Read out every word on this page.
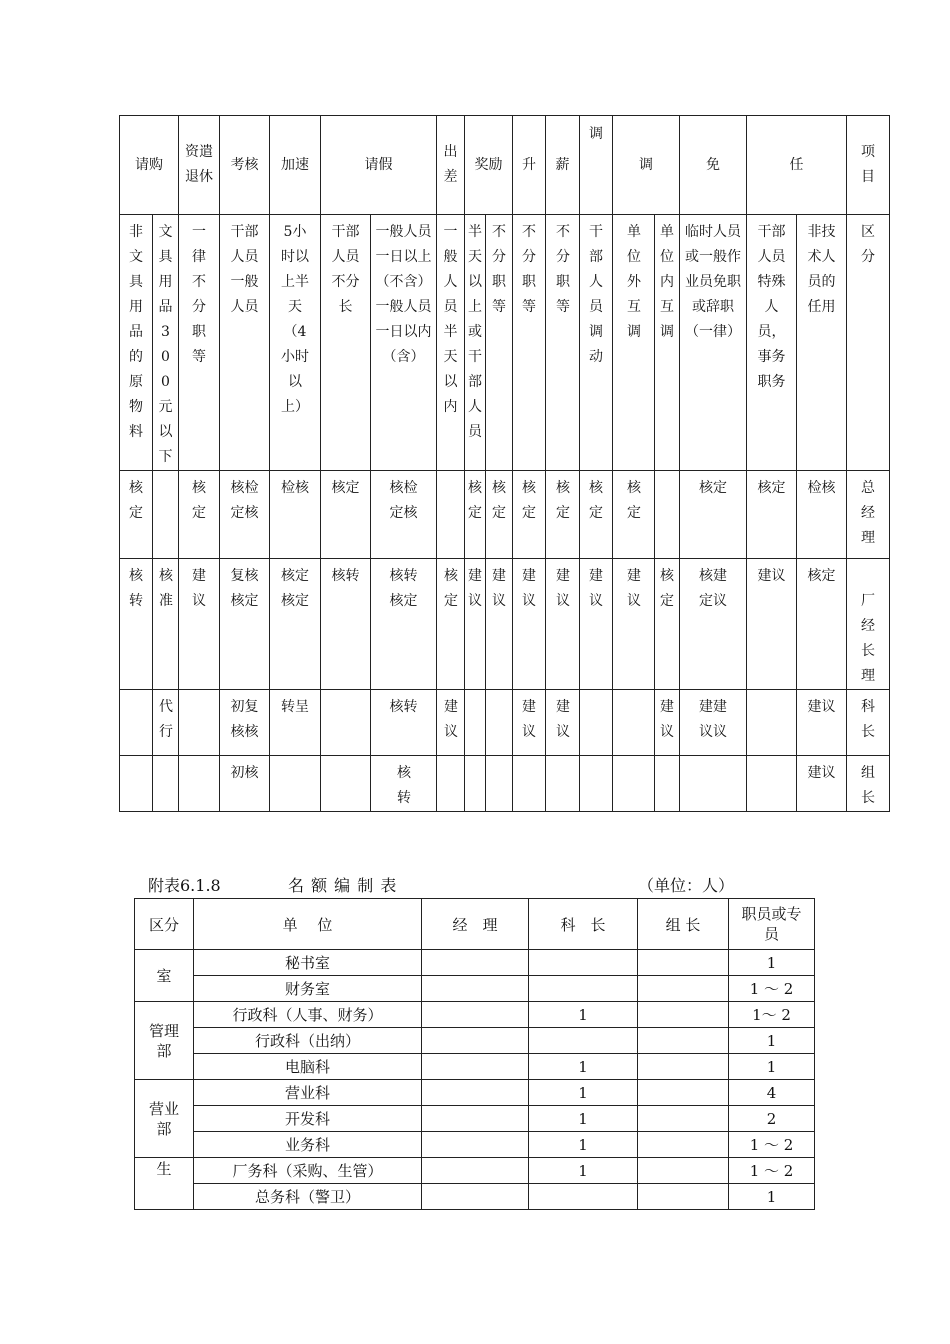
请购		资遣退休	考核	加速	请假		出差	奖励		升	薪	调	调		免	任		项目
非文具用品的原物料	文具用品300元以下	一律不分职等	干部人员一般人员	5小时以上半天（4小时以上）	干部人员不分长	一般人员一日以上（不含）一般人员一日以内（含）	一般人员半天以内	半天以上或干部人员	不分职等	不分职等	不分职等	干部人员调动	单位外互调	单位内互调	临时人员或一般作业员免职或辞职（一律）	干部人员特殊人员，事务职务	非技术人员的任用	区分
核定		核定	核检定核	检核	核定	核检定核		核定	核定	核定	核定	核定	核定		核定	核定	检核	总经理
核转	核准	建议	复核核定	核定核定	核转	核转核定	核定	建议	建议	建议	建议	建议	建议	核定	核建定议	建议	核定	厂经长理
	代行		初复核核	转呈		核转	建议			建议	建议			建议	建建议议		建议	科长
			初核			核转											建议	组长
附表6.1.8	名 额 编 制 表	（单位：人）
区分	单　 位	经　理	科　长	组 长	职员或专员
室	秘书室				1
	财务室				1 ～ 2
管理部	行政科（人事、财务）		1		1～ 2
	行政科（出纳）				1
	电脑科		1		1
营业部	营业科		1		4
	开发科		1		2
	业务科		1		1 ～ 2
生	厂务科（采购、生管）		1		1 ～ 2
	总务科（警卫）				1
